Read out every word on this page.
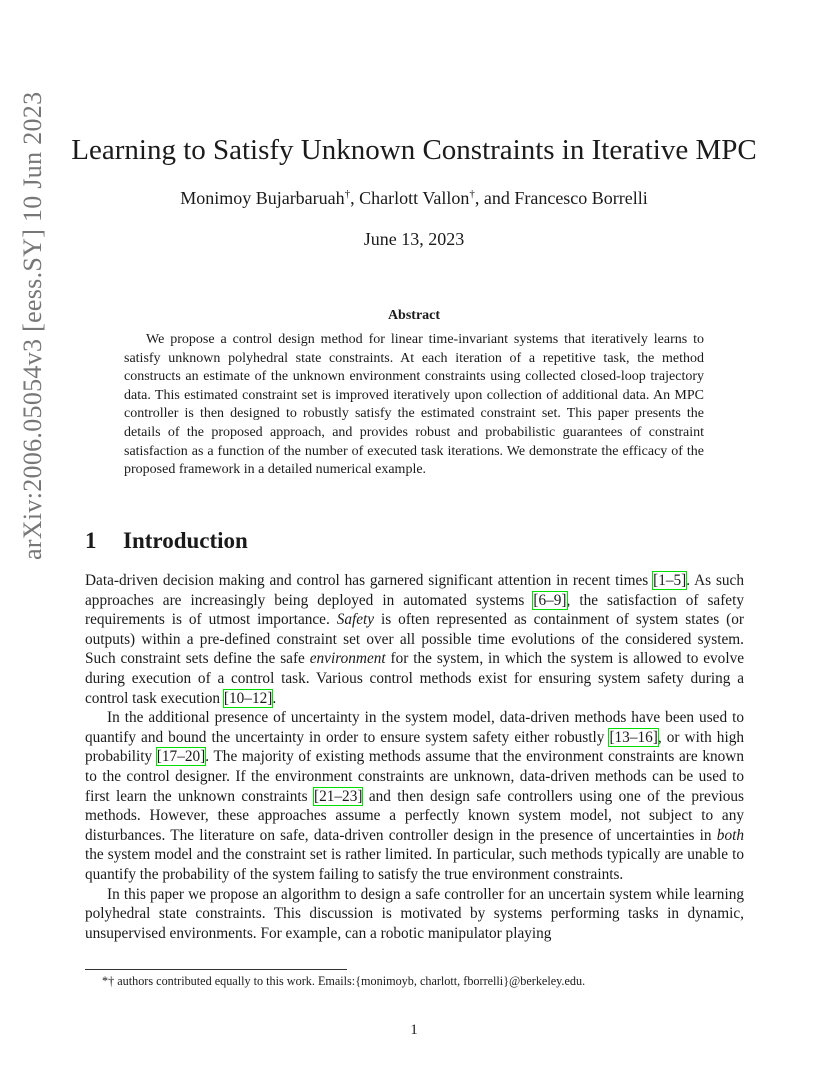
arXiv:2006.05054v3 [eess.SY] 10 Jun 2023 Learning to Satisfy Unknown Constraints in Iterative MPC
Monimoy Bujarbaruah†, Charlott Vallon†, and Francesco Borrelli
June 13, 2023
Abstract
We propose a control design method for linear time-invariant systems that iteratively learns to satisfy unknown polyhedral state constraints. At each iteration of a repetitive task, the method constructs an estimate of the unknown environment constraints using collected closed-loop trajectory data. This estimated constraint set is improved iteratively upon collection of additional data. An MPC controller is then designed to robustly satisfy the estimated constraint set. This paper presents the details of the proposed approach, and provides robust and probabilistic guarantees of constraint satisfaction as a function of the number of executed task iterations. We demonstrate the efficacy of the proposed framework in a detailed numerical example.
1 Introduction

Data-driven decision making and control has garnered significant attention in recent times [1–5]. As such approaches are increasingly being deployed in automated systems [6–9], the satisfaction of safety requirements is of utmost importance. Safety is often represented as containment of system states (or outputs) within a pre-defined constraint set over all possible time evolutions of the considered system. Such constraint sets define the safe environment for the system, in which the system is allowed to evolve during execution of a control task. Various control methods exist for ensuring system safety during a control task execution [10–12].

In the additional presence of uncertainty in the system model, data-driven methods have been used to quantify and bound the uncertainty in order to ensure system safety either robustly [13–16], or with high probability [17–20]. The majority of existing methods assume that the environment constraints are known to the control designer. If the environment constraints are unknown, data-driven methods can be used to first learn the unknown constraints [21–23] and then design safe controllers using one of the previous methods. However, these approaches assume a perfectly known system model, not subject to any disturbances. The literature on safe, data-driven controller design in the presence of uncertainties in both the system model and the constraint set is rather limited. In particular, such methods typically are unable to quantify the probability of the system failing to satisfy the true environment constraints.

In this paper we propose an algorithm to design a safe controller for an uncertain system while learning polyhedral state constraints. This discussion is motivated by systems performing tasks in dynamic, unsupervised environments. For example, can a robotic manipulator playing

*† authors contributed equally to this work. Emails:{monimoyb, charlott, fborrelli}@berkeley.edu.
1
